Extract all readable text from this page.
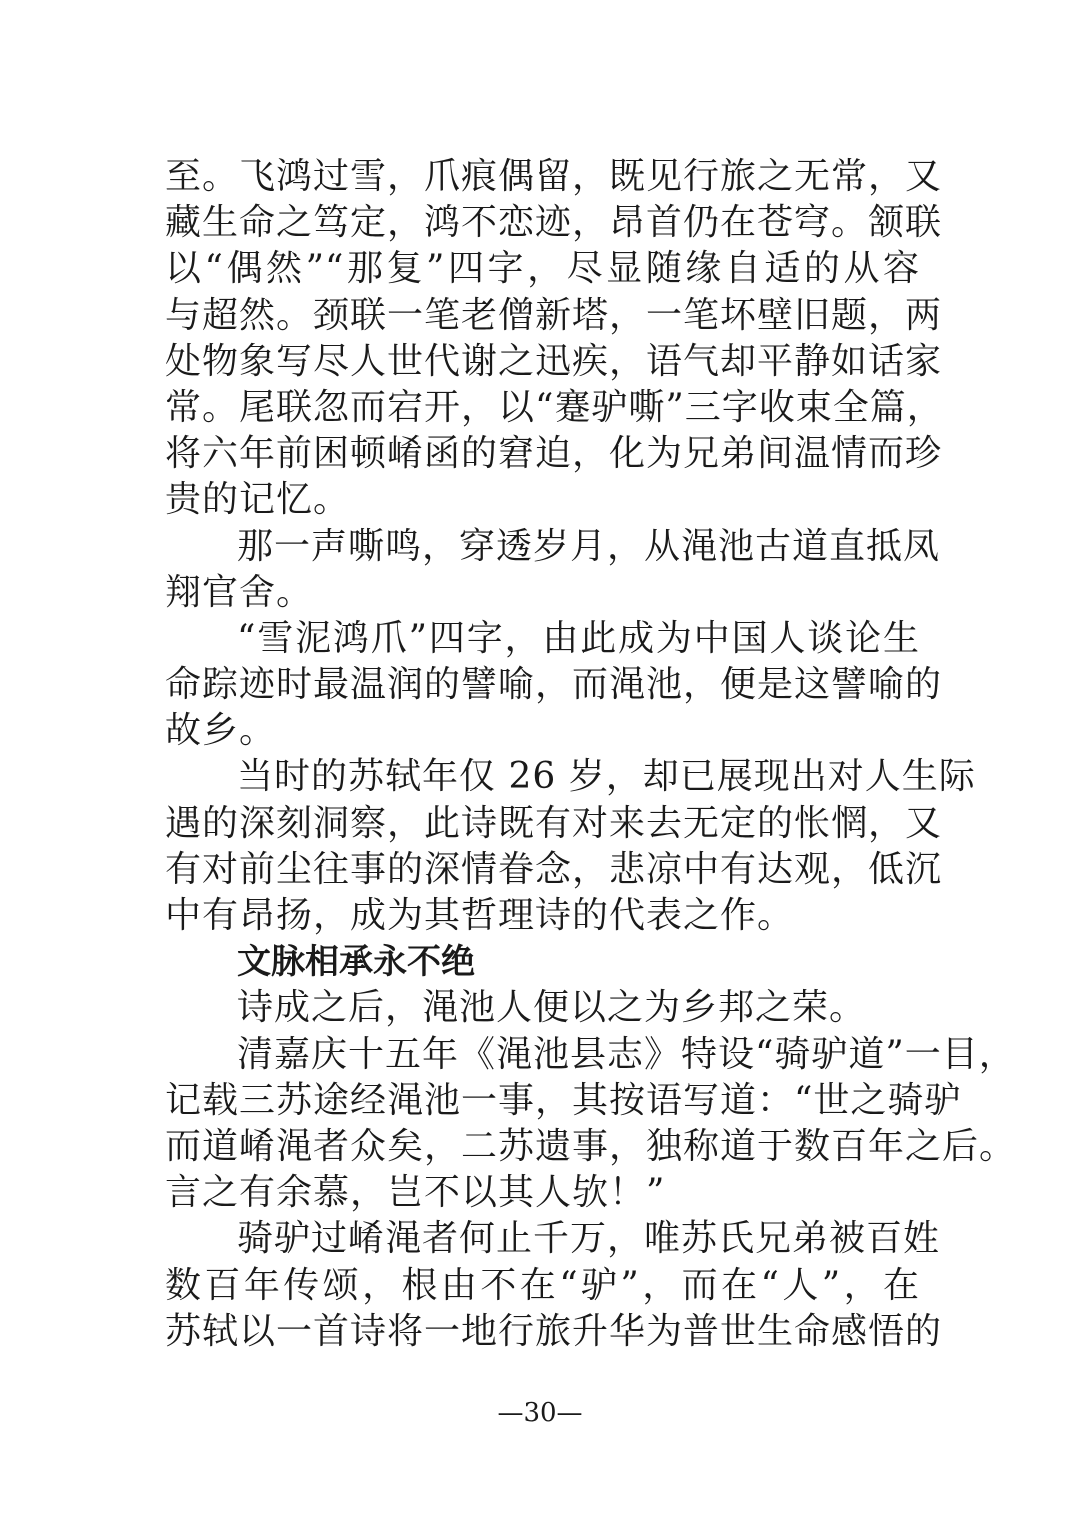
至。飞鸿过雪，爪痕偶留，既见行旅之无常，又
藏生命之笃定，鸿不恋迹，昂首仍在苍穹。颔联
以“偶然”“那复”四字，尽显随缘自适的从容
与超然。颈联一笔老僧新塔，一笔坏壁旧题，两
处物象写尽人世代谢之迅疾，语气却平静如话家
常。尾联忽而宕开，以“蹇驴嘶”三字收束全篇，
将六年前困顿崤函的窘迫，化为兄弟间温情而珍
贵的记忆。
那一声嘶鸣，穿透岁月，从渑池古道直抵凤
翔官舍。
“雪泥鸿爪”四字，由此成为中国人谈论生
命踪迹时最温润的譬喻，而渑池，便是这譬喻的
故乡。
当时的苏轼年仅 26 岁，却已展现出对人生际
遇的深刻洞察，此诗既有对来去无定的怅惘，又
有对前尘往事的深情眷念，悲凉中有达观，低沉
中有昂扬，成为其哲理诗的代表之作。
文脉相承永不绝
诗成之后，渑池人便以之为乡邦之荣。
清嘉庆十五年《渑池县志》特设“骑驴道”一目，
记载三苏途经渑池一事，其按语写道：“世之骑驴
而道崤渑者众矣，二苏遗事，独称道于数百年之后。
言之有余慕，岂不以其人欤！”
骑驴过崤渑者何止千万，唯苏氏兄弟被百姓
数百年传颂，根由不在“驴”，而在“人”，在
苏轼以一首诗将一地行旅升华为普世生命感悟的
—30—
